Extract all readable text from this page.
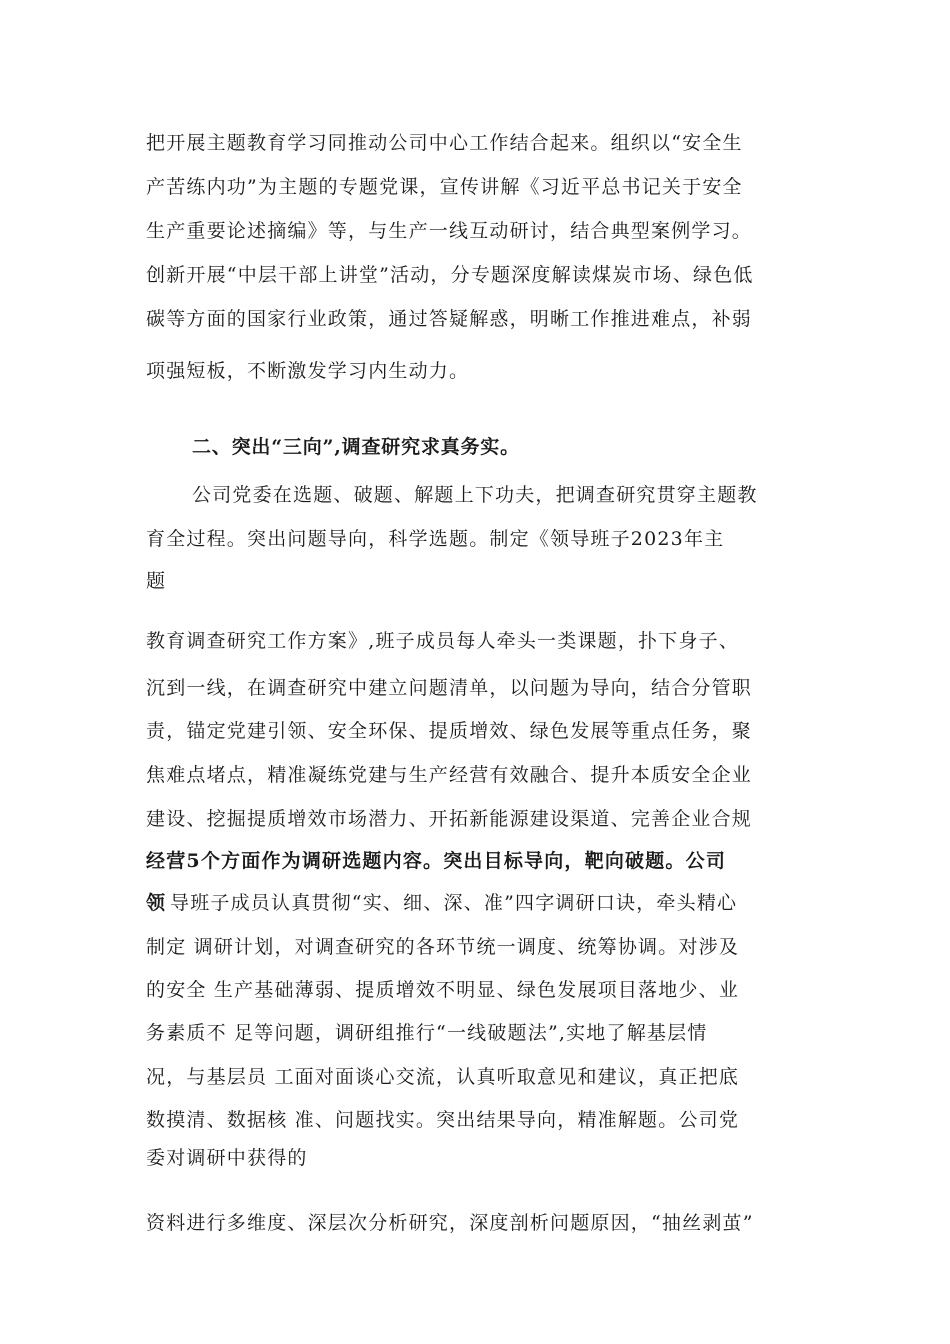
把开展主题教育学习同推动公司中心工作结合起来。组织以“安全生

产苦练内功”为主题的专题党课，宣传讲解《习近平总书记关于安全

生产重要论述摘编》等，与生产一线互动研讨，结合典型案例学习。

创新开展“中层干部上讲堂”活动，分专题深度解读煤炭市场、绿色低

碳等方面的国家行业政策，通过答疑解惑，明晰工作推进难点，补弱

项强短板，不断激发学习内生动力。

二、突出“三向”,调查研究求真务实。

公司党委在选题、破题、解题上下功夫，把调查研究贯穿主题教

育全过程。突出问题导向，科学选题。制定《领导班子2023年主

题

教育调查研究工作方案》,班子成员每人牵头一类课题，扑下身子、

沉到一线，在调查研究中建立问题清单，以问题为导向，结合分管职

责，锚定党建引领、安全环保、提质增效、绿色发展等重点任务，聚

焦难点堵点，精准凝练党建与生产经营有效融合、提升本质安全企业

建设、挖掘提质增效市场潜力、开拓新能源建设渠道、完善企业合规

经营5个方面作为调研选题内容。突出目标导向，靶向破题。公司

领 导班子成员认真贯彻“实、细、深、准”四字调研口诀，牵头精心

制定 调研计划，对调查研究的各环节统一调度、统筹协调。对涉及

的安全 生产基础薄弱、提质增效不明显、绿色发展项目落地少、业

务素质不 足等问题，调研组推行“一线破题法”,实地了解基层情

况，与基层员 工面对面谈心交流，认真听取意见和建议，真正把底

数摸清、数据核 准、问题找实。突出结果导向，精准解题。公司党

委对调研中获得的

资料进行多维度、深层次分析研究，深度剖析问题原因，“抽丝剥茧”
